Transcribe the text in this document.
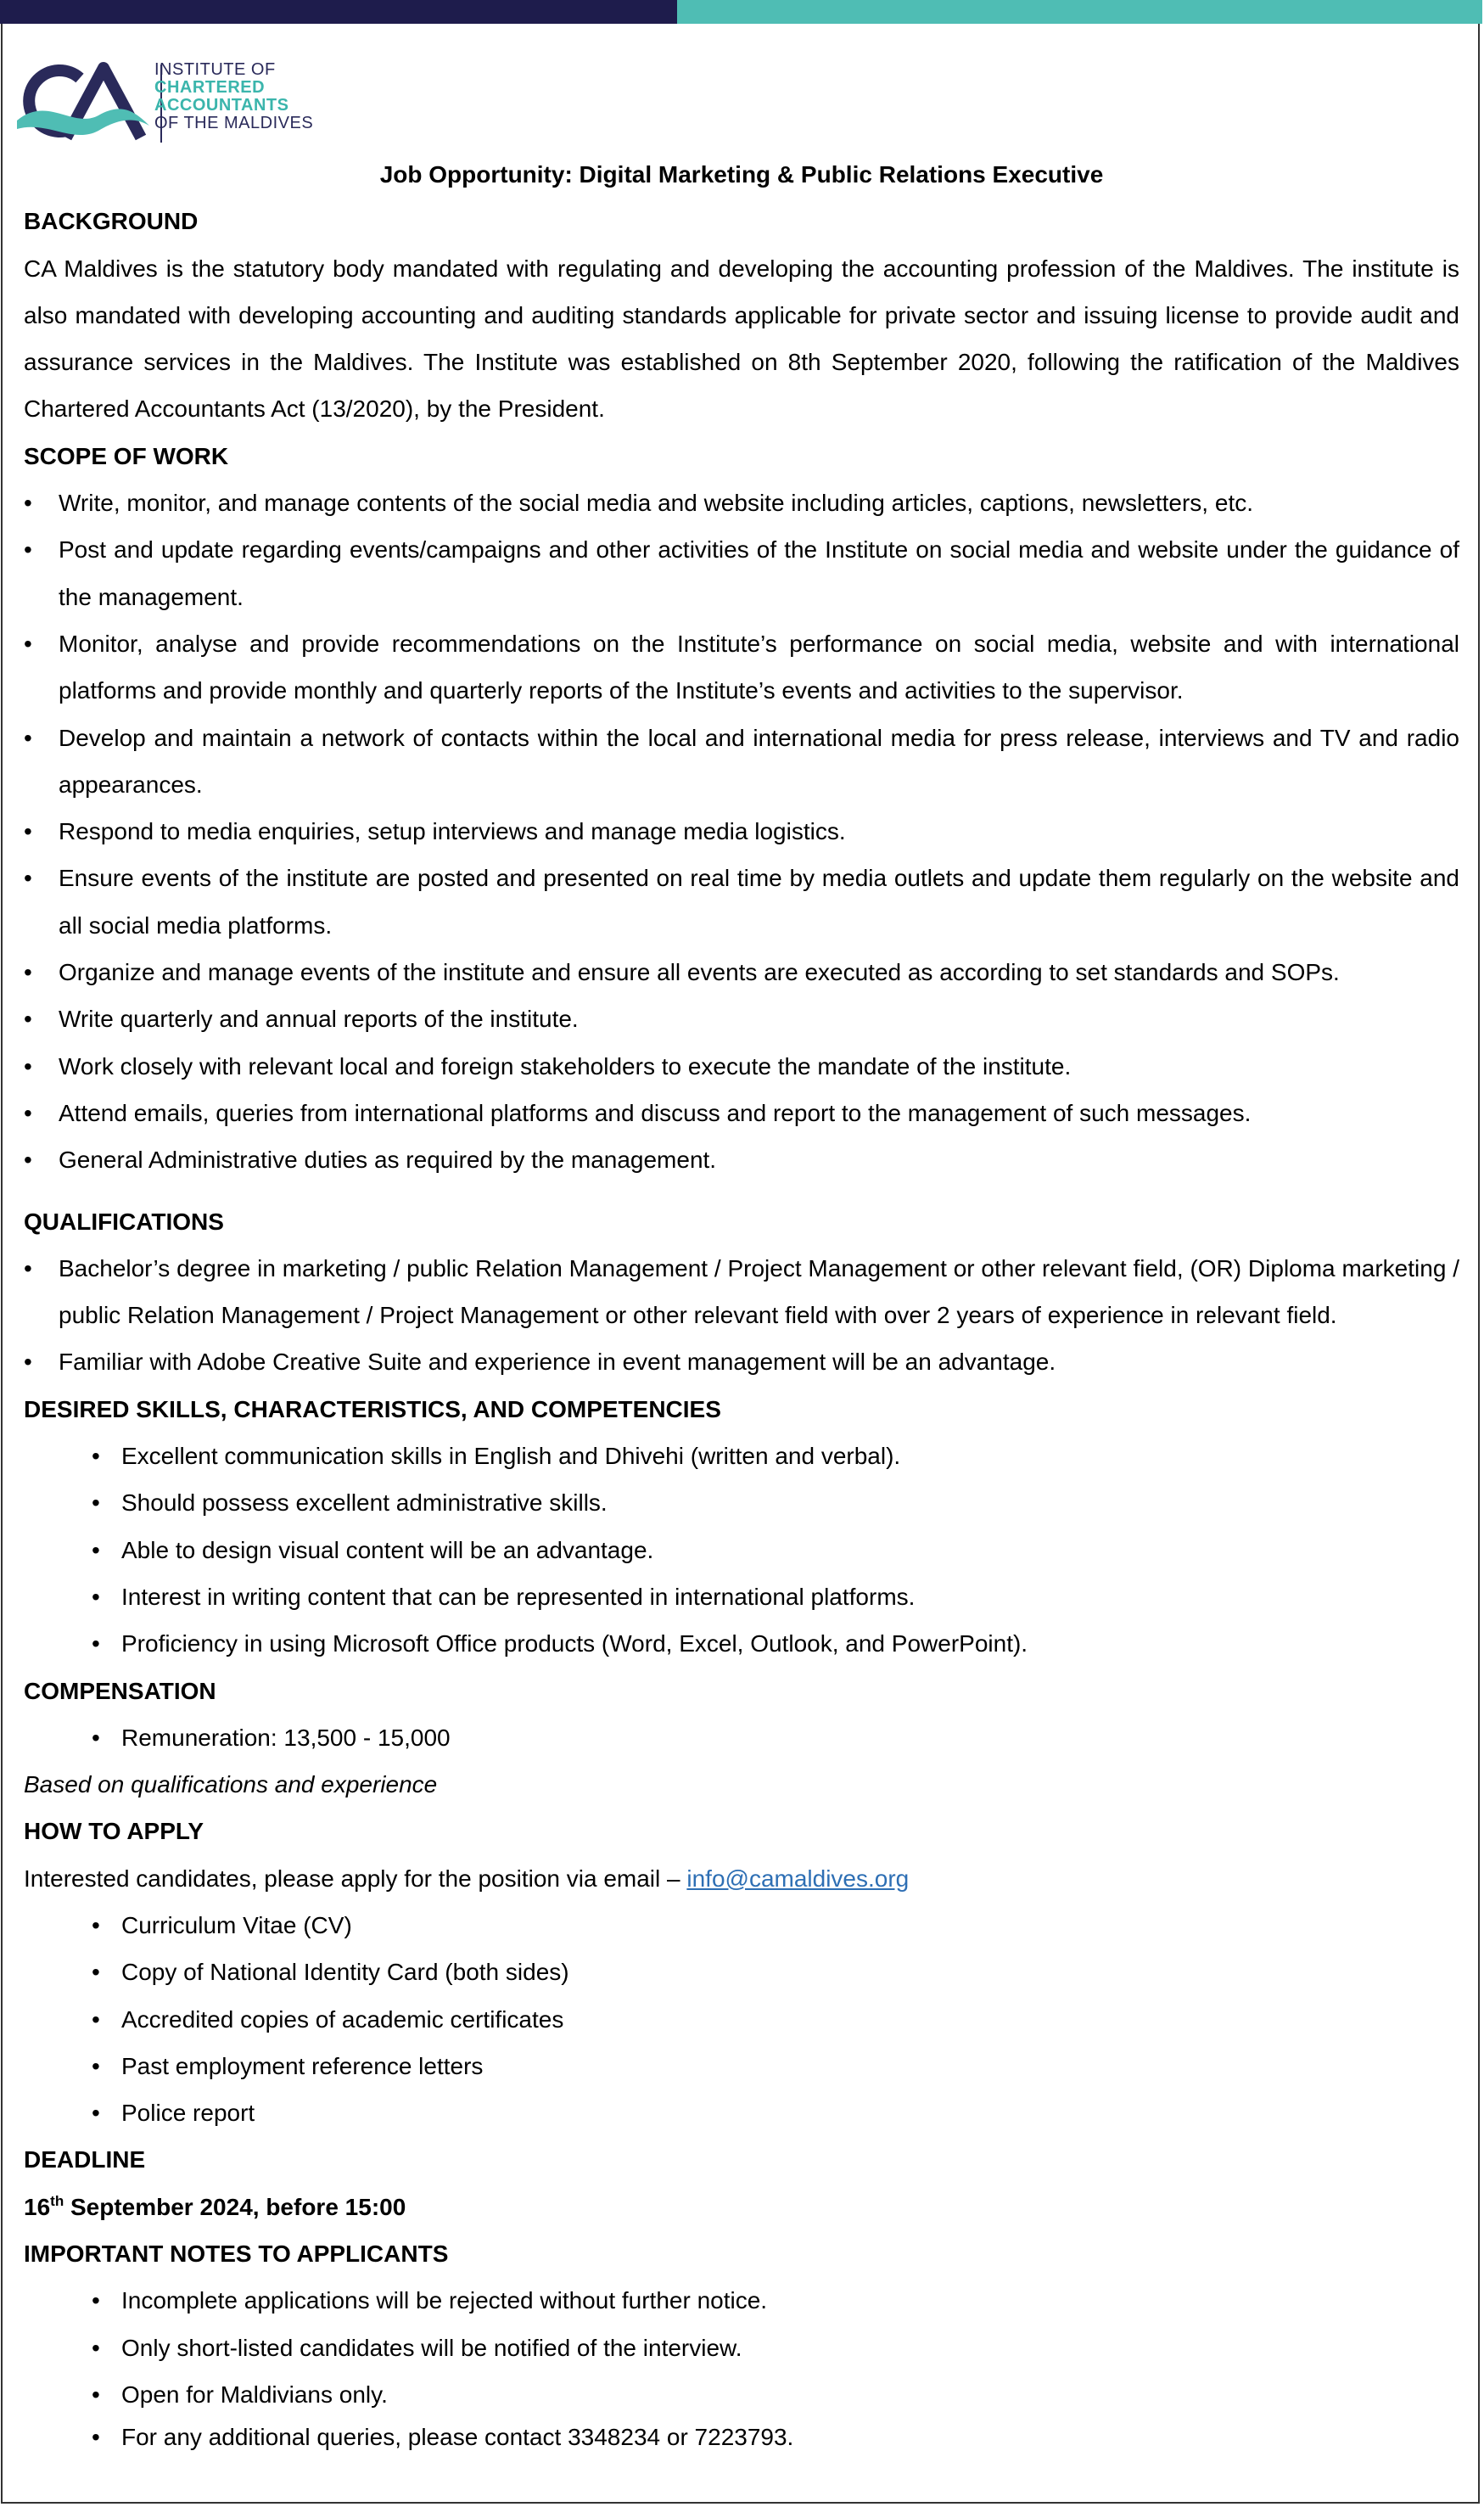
CA
INSTITUTE OF
CHARTERED
ACCOUNTANTS
OF THE MALDIVES
Job Opportunity: Digital Marketing & Public Relations Executive
BACKGROUND

CA Maldives is the statutory body mandated with regulating and developing the accounting profession of the Maldives. The institute is also mandated with developing accounting and auditing standards applicable for private sector and issuing license to provide audit and assurance services in the Maldives. The Institute was established on 8th September 2020, following the ratification of the Maldives Chartered Accountants Act (13/2020), by the President.

SCOPE OF WORK
• Write, monitor, and manage contents of the social media and website including articles, captions, newsletters, etc.
• Post and update regarding events/campaigns and other activities of the Institute on social media and website under the guidance of the management.
• Monitor, analyse and provide recommendations on the Institute’s performance on social media, website and with international platforms and provide monthly and quarterly reports of the Institute’s events and activities to the supervisor.
• Develop and maintain a network of contacts within the local and international media for press release, interviews and TV and radio appearances.
• Respond to media enquiries, setup interviews and manage media logistics.
• Ensure events of the institute are posted and presented on real time by media outlets and update them regularly on the website and all social media platforms.
• Organize and manage events of the institute and ensure all events are executed as according to set standards and SOPs.
• Write quarterly and annual reports of the institute.
• Work closely with relevant local and foreign stakeholders to execute the mandate of the institute.
• Attend emails, queries from international platforms and discuss and report to the management of such messages.
• General Administrative duties as required by the management.
QUALIFICATIONS
• Bachelor’s degree in marketing / public Relation Management / Project Management or other relevant field, (OR) Diploma marketing / public Relation Management / Project Management or other relevant field with over 2 years of experience in relevant field.
• Familiar with Adobe Creative Suite and experience in event management will be an advantage.
DESIRED SKILLS, CHARACTERISTICS, AND COMPETENCIES
• Excellent communication skills in English and Dhivehi (written and verbal).
• Should possess excellent administrative skills.
• Able to design visual content will be an advantage.
• Interest in writing content that can be represented in international platforms.
• Proficiency in using Microsoft Office products (Word, Excel, Outlook, and PowerPoint).
COMPENSATION
• Remuneration: 13,500 - 15,000

Based on qualifications and experience

HOW TO APPLY

Interested candidates, please apply for the position via email – info@camaldives.org

• Curriculum Vitae (CV)
• Copy of National Identity Card (both sides)
• Accredited copies of academic certificates
• Past employment reference letters
• Police report
DEADLINE
16th September 2024, before 15:00
IMPORTANT NOTES TO APPLICANTS
• Incomplete applications will be rejected without further notice.
• Only short-listed candidates will be notified of the interview.
• Open for Maldivians only.
• For any additional queries, please contact 3348234 or 7223793.
